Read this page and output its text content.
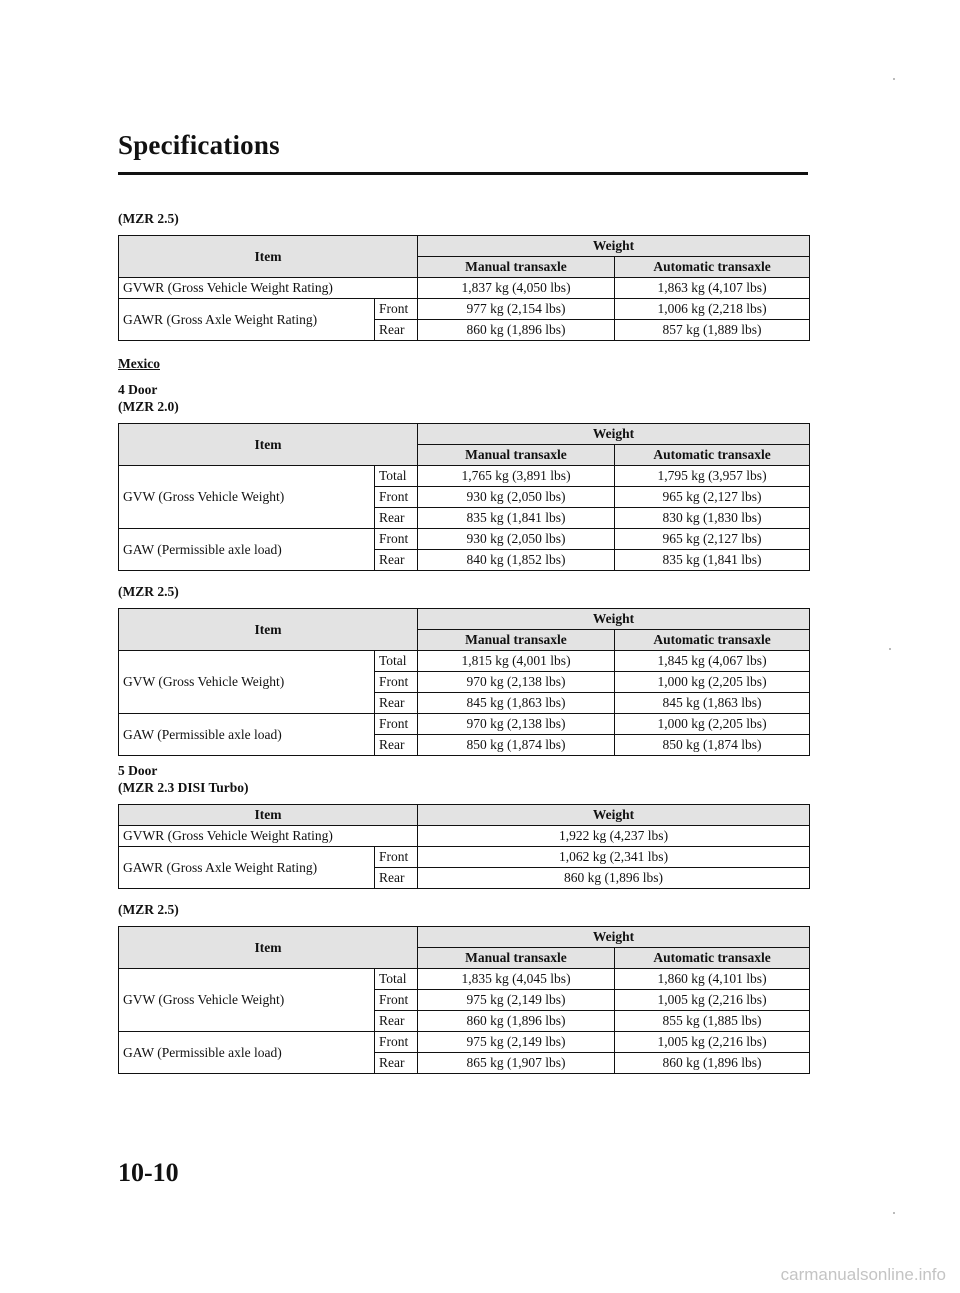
Specifications
(MZR 2.5)
Item		Weight	
		Manual transaxle	Automatic transaxle
GVWR (Gross Vehicle Weight Rating)		1,837 kg (4,050 lbs)	1,863 kg (4,107 lbs)
GAWR (Gross Axle Weight Rating)	Front	977 kg (2,154 lbs)	1,006 kg (2,218 lbs)
	Rear	860 kg (1,896 lbs)	857 kg (1,889 lbs)
Mexico
4 Door
(MZR 2.0)
Item		Weight	
		Manual transaxle	Automatic transaxle
GVW (Gross Vehicle Weight)	Total	1,765 kg (3,891 lbs)	1,795 kg (3,957 lbs)
	Front	930 kg (2,050 lbs)	965 kg (2,127 lbs)
	Rear	835 kg (1,841 lbs)	830 kg (1,830 lbs)
GAW (Permissible axle load)	Front	930 kg (2,050 lbs)	965 kg (2,127 lbs)
	Rear	840 kg (1,852 lbs)	835 kg (1,841 lbs)
(MZR 2.5)
Item		Weight	
		Manual transaxle	Automatic transaxle
GVW (Gross Vehicle Weight)	Total	1,815 kg (4,001 lbs)	1,845 kg (4,067 lbs)
	Front	970 kg (2,138 lbs)	1,000 kg (2,205 lbs)
	Rear	845 kg (1,863 lbs)	845 kg (1,863 lbs)
GAW (Permissible axle load)	Front	970 kg (2,138 lbs)	1,000 kg (2,205 lbs)
	Rear	850 kg (1,874 lbs)	850 kg (1,874 lbs)
5 Door
(MZR 2.3 DISI Turbo)
Item		Weight
GVWR (Gross Vehicle Weight Rating)		1,922 kg (4,237 lbs)
GAWR (Gross Axle Weight Rating)	Front	1,062 kg (2,341 lbs)
	Rear	860 kg (1,896 lbs)
(MZR 2.5)
Item		Weight	
		Manual transaxle	Automatic transaxle
GVW (Gross Vehicle Weight)	Total	1,835 kg (4,045 lbs)	1,860 kg (4,101 lbs)
	Front	975 kg (2,149 lbs)	1,005 kg (2,216 lbs)
	Rear	860 kg (1,896 lbs)	855 kg (1,885 lbs)
GAW (Permissible axle load)	Front	975 kg (2,149 lbs)	1,005 kg (2,216 lbs)
	Rear	865 kg (1,907 lbs)	860 kg (1,896 lbs)
10-10
carmanualsonline.info
